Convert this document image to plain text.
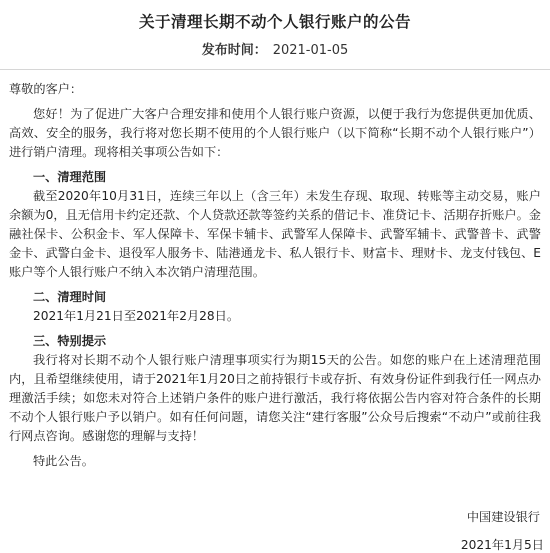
关于清理长期不动个人银行账户的公告
发布时间： 2021-01-05

尊敬的客户：

您好！为了促进广大客户合理安排和使用个人银行账户资源，以便于我行为您提供更加优质、高效、安全的服务，我行将对您长期不使用的个人银行账户（以下简称“长期不动个人银行账户”）进行销户清理。现将相关事项公告如下：

一、清理范围

截至2020年10月31日，连续三年以上（含三年）未发生存现、取现、转账等主动交易，账户余额为0，且无信用卡约定还款、个人贷款还款等签约关系的借记卡、准贷记卡、活期存折账户。金融社保卡、公积金卡、军人保障卡、军保卡辅卡、武警军人保障卡、武警军辅卡、武警普卡、武警金卡、武警白金卡、退役军人服务卡、陆港通龙卡、私人银行卡、财富卡、理财卡、龙支付钱包、E账户等个人银行账户不纳入本次销户清理范围。

二、清理时间

2021年1月21日至2021年2月28日。

三、特别提示

我行将对长期不动个人银行账户清理事项实行为期15天的公告。如您的账户在上述清理范围内，且希望继续使用，请于2021年1月20日之前持银行卡或存折、有效身份证件到我行任一网点办理激活手续；如您未对符合上述销户条件的账户进行激活，我行将依据公告内容对符合条件的长期不动个人银行账户予以销户。如有任何问题，请您关注“建行客服”公众号后搜索“不动户”或前往我行网点咨询。感谢您的理解与支持！

特此公告。

中国建设银行
2021年1月5日
